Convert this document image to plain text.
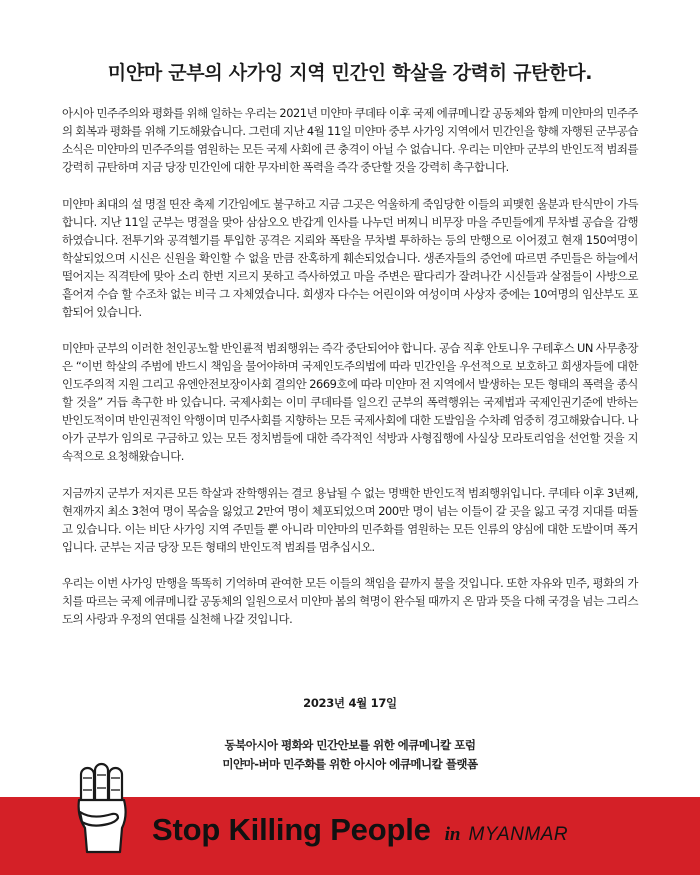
미얀마 군부의 사가잉 지역 민간인 학살을 강력히 규탄한다.

아시아 민주주의와 평화를 위해 일하는 우리는 2021년 미얀마 쿠데타 이후 국제 에큐메니칼 공동체와 함께 미얀마의 민주주의 회복과 평화를 위해 기도해왔습니다. 그런데 지난 4월 11일 미얀마 중부 사가잉 지역에서 민간인을 향해 자행된 군부공습 소식은 미얀마의 민주주의를 염원하는 모든 국제 사회에 큰 충격이 아닐 수 없습니다. 우리는 미얀마 군부의 반인도적 범죄를 강력히 규탄하며 지금 당장 민간인에 대한 무자비한 폭력을 즉각 중단할 것을 강력히 촉구합니다.

미얀마 최대의 설 명절 띤잔 축제 기간임에도 불구하고 지금 그곳은 억울하게 죽임당한 이들의 피맺힌 울분과 탄식만이 가득합니다. 지난 11일 군부는 명절을 맞아 삼삼오오 반갑게 인사를 나누던 버찌니 비무장 마을 주민들에게 무차별 공습을 감행하였습니다. 전투기와 공격헬기를 투입한 공격은 지뢰와 폭탄을 무차별 투하하는 등의 만행으로 이어졌고 현재 150여명이 학살되었으며 시신은 신원을 확인할 수 없을 만큼 잔혹하게 훼손되었습니다. 생존자들의 증언에 따르면 주민들은 하늘에서 떨어지는 직격탄에 맞아 소리 한번 지르지 못하고 즉사하였고 마을 주변은 팔다리가 잘려나간 시신들과 살점들이 사방으로 흩어져 수습 할 수조차 없는 비극 그 자체였습니다. 희생자 다수는 어린이와 여성이며 사상자 중에는 10여명의 임산부도 포함되어 있습니다.

미얀마 군부의 이러한 천인공노할 반인륜적 범죄행위는 즉각 중단되어야 합니다. 공습 직후 안토니우 구테후스 UN 사무총장은 “이번 학살의 주범에 반드시 책임을 물어야하며 국제인도주의법에 따라 민간인을 우선적으로 보호하고 희생자들에 대한 인도주의적 지원 그리고 유엔안전보장이사회 결의안 2669호에 따라 미얀마 전 지역에서 발생하는 모든 형태의 폭력을 종식할 것을” 거듭 촉구한 바 있습니다. 국제사회는 이미 쿠데타를 일으킨 군부의 폭력행위는 국제법과 국제인권기준에 반하는 반인도적이며 반인권적인 악행이며 민주사회를 지향하는 모든 국제사회에 대한 도발임을 수차례 엄중히 경고해왔습니다. 나아가 군부가 임의로 구금하고 있는 모든 정치범들에 대한 즉각적인 석방과 사형집행에 사실상 모라토리엄을 선언할 것을 지속적으로 요청해왔습니다.

지금까지 군부가 저지른 모든 학살과 잔학행위는 결코 용납될 수 없는 명백한 반인도적 범죄행위입니다. 쿠데타 이후 3년째, 현재까지 최소 3천여 명이 목숨을 잃었고 2만여 명이 체포되었으며 200만 명이 넘는 이들이 갈 곳을 잃고 국경 지대를 떠돌고 있습니다. 이는 비단 사가잉 지역 주민들 뿐 아니라 미얀마의 민주화를 염원하는 모든 인류의 양심에 대한 도발이며 폭거입니다. 군부는 지금 당장 모든 형태의 반인도적 범죄를 멈추십시오.

우리는 이번 사가잉 만행을 똑똑히 기억하며 관여한 모든 이들의 책임을 끝까지 물을 것입니다. 또한 자유와 민주, 평화의 가치를 따르는 국제 에큐메니칼 공동체의 일원으로서 미얀마 봄의 혁명이 완수될 때까지 온 맘과 뜻을 다해 국경을 넘는 그리스도의 사랑과 우정의 연대를 실천해 나갈 것입니다.

2023년 4월 17일
동북아시아 평화와 민간안보를 위한 에큐메니칼 포럼
미얀마-버마 민주화를 위한 아시아 에큐메니칼 플랫폼
Stop Killing People in MYANMAR
